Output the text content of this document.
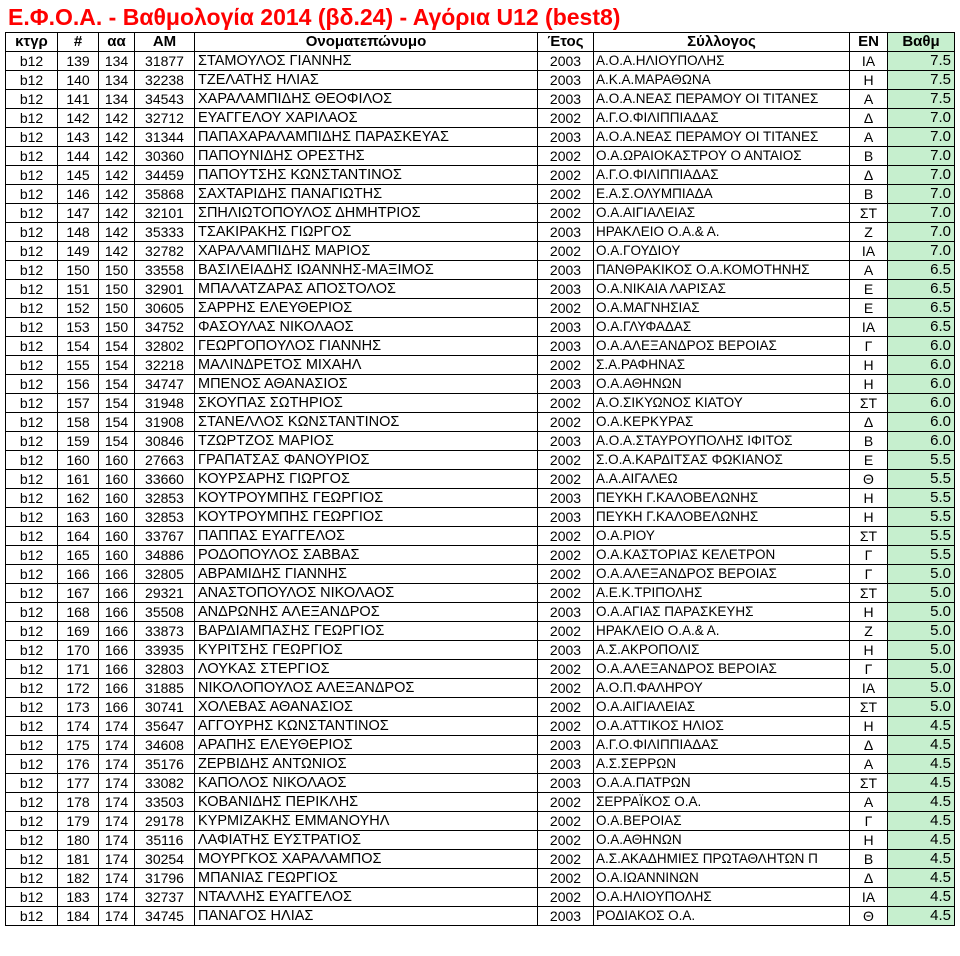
Ε.Φ.Ο.Α. - Βαθμολογία 2014 (βδ.24) - Αγόρια U12 (best8)
κτγρ	#	αα	ΑΜ	Ονοματεπώνυμο	Έτος	Σύλλογος	ΕΝ	Βαθμ
b12	139	134	31877	ΣΤΑΜΟΥΛΟΣ ΓΙΑΝΝΗΣ	2003	Α.Ο.Α.ΗΛΙΟΥΠΟΛΗΣ	ΙΑ	7.5
b12	140	134	32238	ΤΖΕΛΑΤΗΣ ΗΛΙΑΣ	2003	Α.Κ.Α.ΜΑΡΑΘΩΝΑ	Η	7.5
b12	141	134	34543	ΧΑΡΑΛΑΜΠΙΔΗΣ ΘΕΟΦΙΛΟΣ	2003	Α.Ο.Α.ΝΕΑΣ ΠΕΡΑΜΟΥ ΟΙ ΤΙΤΑΝΕΣ	Α	7.5
b12	142	142	32712	ΕΥΑΓΓΕΛΟΥ ΧΑΡΙΛΑΟΣ	2002	Α.Γ.Ο.ΦΙΛΙΠΠΙΑΔΑΣ	Δ	7.0
b12	143	142	31344	ΠΑΠΑΧΑΡΑΛΑΜΠΙΔΗΣ ΠΑΡΑΣΚΕΥΑΣ	2003	Α.Ο.Α.ΝΕΑΣ ΠΕΡΑΜΟΥ ΟΙ ΤΙΤΑΝΕΣ	Α	7.0
b12	144	142	30360	ΠΑΠΟΥΝΙΔΗΣ ΟΡΕΣΤΗΣ	2002	Ο.Α.ΩΡΑΙΟΚΑΣΤΡΟΥ Ο ΑΝΤΑΙΟΣ	Β	7.0
b12	145	142	34459	ΠΑΠΟΥΤΣΗΣ ΚΩΝΣΤΑΝΤΙΝΟΣ	2002	Α.Γ.Ο.ΦΙΛΙΠΠΙΑΔΑΣ	Δ	7.0
b12	146	142	35868	ΣΑΧΤΑΡΙΔΗΣ ΠΑΝΑΓΙΩΤΗΣ	2002	Ε.Α.Σ.ΟΛΥΜΠΙΑΔΑ	Β	7.0
b12	147	142	32101	ΣΠΗΛΙΩΤΟΠΟΥΛΟΣ ΔΗΜΗΤΡΙΟΣ	2002	Ο.Α.ΑΙΓΙΑΛΕΙΑΣ	ΣΤ	7.0
b12	148	142	35333	ΤΣΑΚΙΡΑΚΗΣ ΓΙΩΡΓΟΣ	2003	ΗΡΑΚΛΕΙΟ Ο.Α.& Α.	Ζ	7.0
b12	149	142	32782	ΧΑΡΑΛΑΜΠΙΔΗΣ ΜΑΡΙΟΣ	2002	Ο.Α.ΓΟΥΔΙΟΥ	ΙΑ	7.0
b12	150	150	33558	ΒΑΣΙΛΕΙΑΔΗΣ ΙΩΑΝΝΗΣ-ΜΑΞΙΜΟΣ	2003	ΠΑΝΘΡΑΚΙΚΟΣ Ο.Α.ΚΟΜΟΤΗΝΗΣ	Α	6.5
b12	151	150	32901	ΜΠΑΛΑΤΖΑΡΑΣ ΑΠΟΣΤΟΛΟΣ	2003	Ο.Α.ΝΙΚΑΙΑ ΛΑΡΙΣΑΣ	Ε	6.5
b12	152	150	30605	ΣΑΡΡΗΣ ΕΛΕΥΘΕΡΙΟΣ	2002	Ο.Α.ΜΑΓΝΗΣΙΑΣ	Ε	6.5
b12	153	150	34752	ΦΑΣΟΥΛΑΣ ΝΙΚΟΛΑΟΣ	2003	Ο.Α.ΓΛΥΦΑΔΑΣ	ΙΑ	6.5
b12	154	154	32802	ΓΕΩΡΓΟΠΟΥΛΟΣ ΓΙΑΝΝΗΣ	2003	Ο.Α.ΑΛΕΞΑΝΔΡΟΣ ΒΕΡΟΙΑΣ	Γ	6.0
b12	155	154	32218	ΜΑΛΙΝΔΡΕΤΟΣ ΜΙΧΑΗΛ	2002	Σ.Α.ΡΑΦΗΝΑΣ	Η	6.0
b12	156	154	34747	ΜΠΕΝΟΣ ΑΘΑΝΑΣΙΟΣ	2003	Ο.Α.ΑΘΗΝΩΝ	Η	6.0
b12	157	154	31948	ΣΚΟΥΠΑΣ ΣΩΤΗΡΙΟΣ	2002	Α.Ο.ΣΙΚΥΩΝΟΣ ΚΙΑΤΟΥ	ΣΤ	6.0
b12	158	154	31908	ΣΤΑΝΕΛΛΟΣ ΚΩΝΣΤΑΝΤΙΝΟΣ	2002	Ο.Α.ΚΕΡΚΥΡΑΣ	Δ	6.0
b12	159	154	30846	ΤΖΩΡΤΖΟΣ ΜΑΡΙΟΣ	2003	Α.Ο.Α.ΣΤΑΥΡΟΥΠΟΛΗΣ ΙΦΙΤΟΣ	Β	6.0
b12	160	160	27663	ΓΡΑΠΑΤΣΑΣ ΦΑΝΟΥΡΙΟΣ	2002	Σ.Ο.Α.ΚΑΡΔΙΤΣΑΣ ΦΩΚΙΑΝΟΣ	Ε	5.5
b12	161	160	33660	ΚΟΥΡΣΑΡΗΣ ΓΙΩΡΓΟΣ	2002	Α.Α.ΑΙΓΑΛΕΩ	Θ	5.5
b12	162	160	32853	ΚΟΥΤΡΟΥΜΠΗΣ ΓΕΩΡΓΙΟΣ	2003	ΠΕΥΚΗ Γ.ΚΑΛΟΒΕΛΩΝΗΣ	Η	5.5
b12	163	160	32853	ΚΟΥΤΡΟΥΜΠΗΣ ΓΕΩΡΓΙΟΣ	2003	ΠΕΥΚΗ Γ.ΚΑΛΟΒΕΛΩΝΗΣ	Η	5.5
b12	164	160	33767	ΠΑΠΠΑΣ ΕΥΑΓΓΕΛΟΣ	2002	Ο.Α.ΡΙΟΥ	ΣΤ	5.5
b12	165	160	34886	ΡΟΔΟΠΟΥΛΟΣ ΣΑΒΒΑΣ	2002	Ο.Α.ΚΑΣΤΟΡΙΑΣ ΚΕΛΕΤΡΟΝ	Γ	5.5
b12	166	166	32805	ΑΒΡΑΜΙΔΗΣ ΓΙΑΝΝΗΣ	2002	Ο.Α.ΑΛΕΞΑΝΔΡΟΣ ΒΕΡΟΙΑΣ	Γ	5.0
b12	167	166	29321	ΑΝΑΣΤΟΠΟΥΛΟΣ ΝΙΚΟΛΑΟΣ	2002	Α.Ε.Κ.ΤΡΙΠΟΛΗΣ	ΣΤ	5.0
b12	168	166	35508	ΑΝΔΡΩΝΗΣ ΑΛΕΞΑΝΔΡΟΣ	2003	Ο.Α.ΑΓΙΑΣ ΠΑΡΑΣΚΕΥΗΣ	Η	5.0
b12	169	166	33873	ΒΑΡΔΙΑΜΠΑΣΗΣ ΓΕΩΡΓΙΟΣ	2002	ΗΡΑΚΛΕΙΟ Ο.Α.& Α.	Ζ	5.0
b12	170	166	33935	ΚΥΡΙΤΣΗΣ ΓΕΩΡΓΙΟΣ	2003	Α.Σ.ΑΚΡΟΠΟΛΙΣ	Η	5.0
b12	171	166	32803	ΛΟΥΚΑΣ ΣΤΕΡΓΙΟΣ	2002	Ο.Α.ΑΛΕΞΑΝΔΡΟΣ ΒΕΡΟΙΑΣ	Γ	5.0
b12	172	166	31885	ΝΙΚΟΛΟΠΟΥΛΟΣ ΑΛΕΞΑΝΔΡΟΣ	2002	Α.Ο.Π.ΦΑΛΗΡΟΥ	ΙΑ	5.0
b12	173	166	30741	ΧΟΛΕΒΑΣ ΑΘΑΝΑΣΙΟΣ	2002	Ο.Α.ΑΙΓΙΑΛΕΙΑΣ	ΣΤ	5.0
b12	174	174	35647	ΑΓΓΟΥΡΗΣ ΚΩΝΣΤΑΝΤΙΝΟΣ	2002	Ο.Α.ΑΤΤΙΚΟΣ ΗΛΙΟΣ	Η	4.5
b12	175	174	34608	ΑΡΑΠΗΣ ΕΛΕΥΘΕΡΙΟΣ	2003	Α.Γ.Ο.ΦΙΛΙΠΠΙΑΔΑΣ	Δ	4.5
b12	176	174	35176	ΖΕΡΒΙΔΗΣ ΑΝΤΩΝΙΟΣ	2003	Α.Σ.ΣΕΡΡΩΝ	Α	4.5
b12	177	174	33082	ΚΑΠΟΛΟΣ ΝΙΚΟΛΑΟΣ	2003	Ο.Α.Α.ΠΑΤΡΩΝ	ΣΤ	4.5
b12	178	174	33503	ΚΟΒΑΝΙΔΗΣ ΠΕΡΙΚΛΗΣ	2002	ΣΕΡΡΑΪΚΟΣ Ο.Α.	Α	4.5
b12	179	174	29178	ΚΥΡΜΙΖΑΚΗΣ ΕΜΜΑΝΟΥΗΛ	2002	Ο.Α.ΒΕΡΟΙΑΣ	Γ	4.5
b12	180	174	35116	ΛΑΦΙΑΤΗΣ ΕΥΣΤΡΑΤΙΟΣ	2002	Ο.Α.ΑΘΗΝΩΝ	Η	4.5
b12	181	174	30254	ΜΟΥΡΓΚΟΣ ΧΑΡΑΛΑΜΠΟΣ	2002	Α.Σ.ΑΚΑΔΗΜΙΕΣ ΠΡΩΤΑΘΛΗΤΩΝ Π	Β	4.5
b12	182	174	31796	ΜΠΑΝΙΑΣ ΓΕΩΡΓΙΟΣ	2002	Ο.Α.ΙΩΑΝΝΙΝΩΝ	Δ	4.5
b12	183	174	32737	ΝΤΑΛΛΗΣ ΕΥΑΓΓΕΛΟΣ	2002	Ο.Α.ΗΛΙΟΥΠΟΛΗΣ	ΙΑ	4.5
b12	184	174	34745	ΠΑΝΑΓΟΣ ΗΛΙΑΣ	2003	ΡΟΔΙΑΚΟΣ Ο.Α.	Θ	4.5
